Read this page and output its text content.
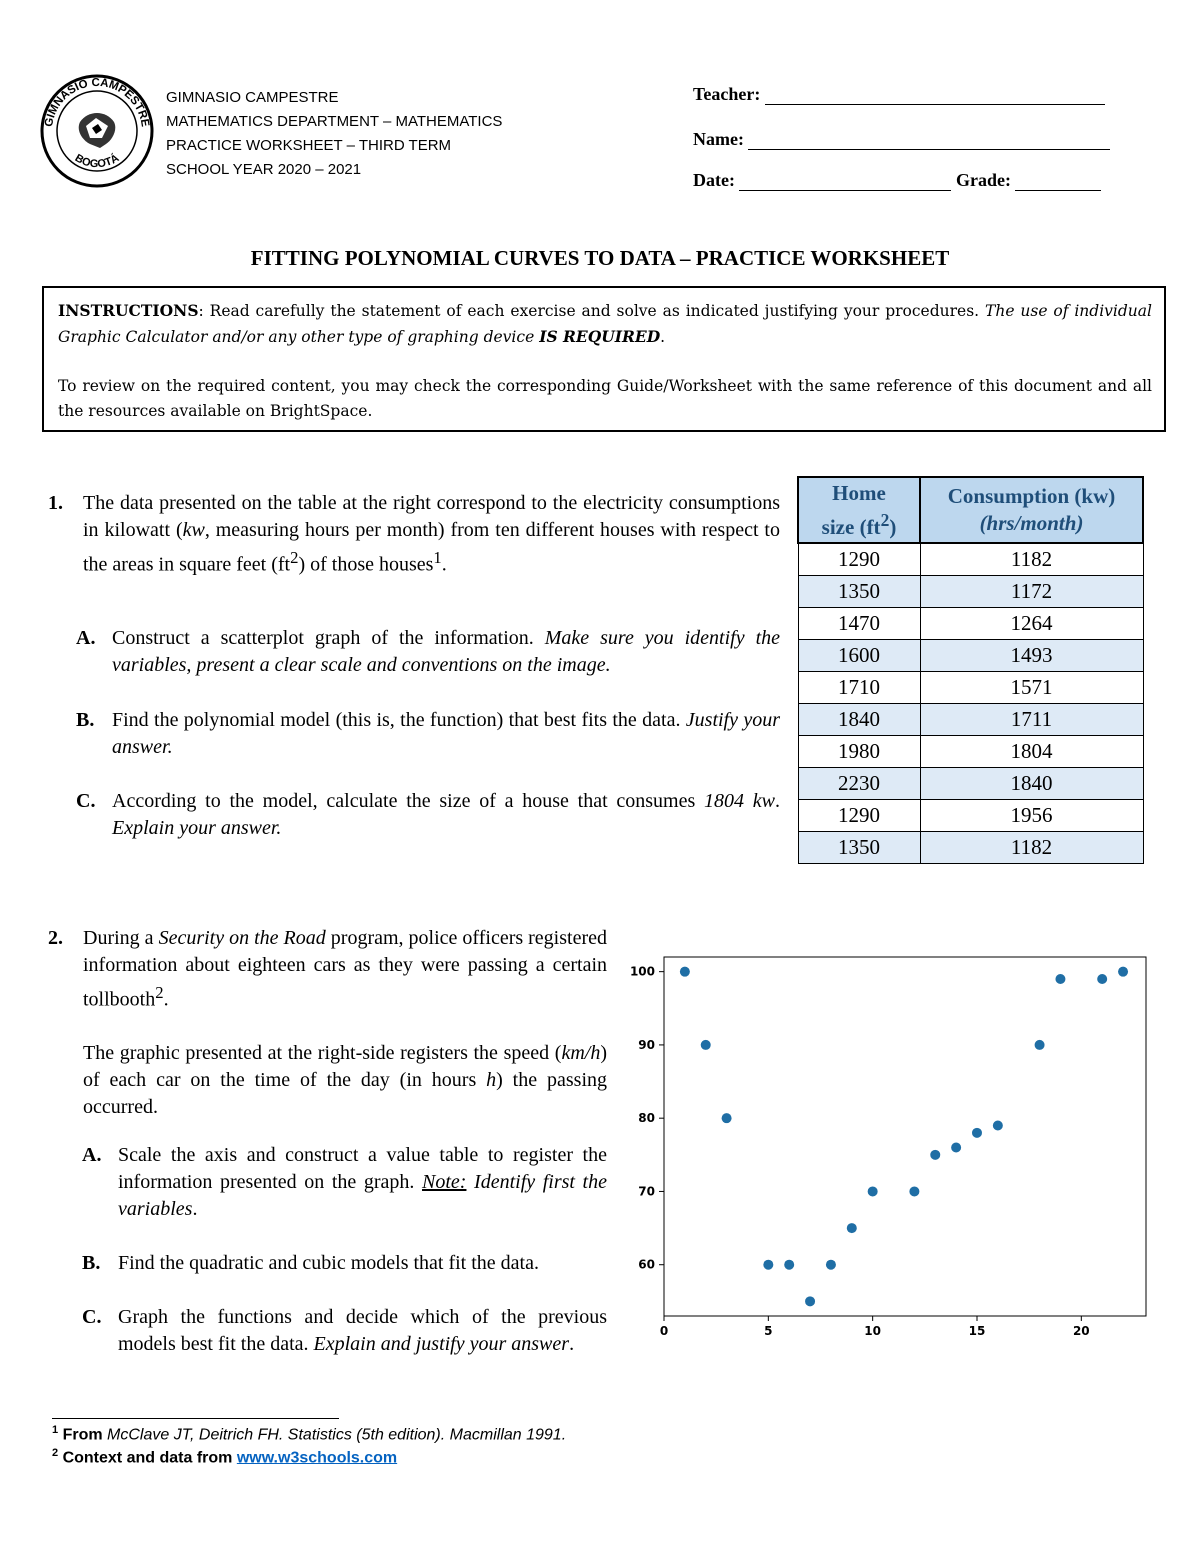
GIMNASIO CAMPESTRE
BOGOTÁ
GIMNASIO CAMPESTRE
MATHEMATICS DEPARTMENT – MATHEMATICS
PRACTICE WORKSHEET – THIRD TERM
SCHOOL YEAR 2020 – 2021
Teacher:
Name:
Date:	Grade:
FITTING POLYNOMIAL CURVES TO DATA – PRACTICE WORKSHEET

INSTRUCTIONS: Read carefully the statement of each exercise and solve as indicated justifying your procedures. The use of individual Graphic Calculator and/or any other type of graphing device IS REQUIRED.

To review on the required content, you may check the corresponding Guide/Worksheet with the same reference of this document and all the resources available on BrightSpace.

1. The data presented on the table at the right correspond to the electricity consumptions in kilowatt (kw, measuring hours per month) from ten different houses with respect to the areas in square feet $(ft^2)$ of those houses$^1$.
A. Construct a scatterplot graph of the information. Make sure you identify the variables, present a clear scale and conventions on the image.
B. Find the polynomial model (this is, the function) that best fits the data. Justify your answer.
C. According to the model, calculate the size of a house that consumes 1804 kw. Explain your answer.
Home
size $(ft^2)$	Consumption (kw)
(hrs/month)
1290	1182
1350	1172
1470	1264
1600	1493
1710	1571
1840	1711
1980	1804
2230	1840
1290	1956
1350	1182
2. During a Security on the Road program, police officers registered information about eighteen cars as they were passing a certain tollbooth$^2$.
The graphic presented at the right-side registers the speed (km/h) of each car on the time of the day (in hours h) the passing occurred.
A. Scale the axis and construct a value table to register the information presented on the graph. Note: Identify first the variables.
B. Find the quadratic and cubic models that fit the data.
C. Graph the functions and decide which of the previous models best fit the data. Explain and justify your answer.
0	5	10	15	20
60
70
80
90
100
$^1$ From McClave JT, Deitrich FH. Statistics (5th edition). Macmillan 1991.
$^2$ Context and data from www.w3schools.com
